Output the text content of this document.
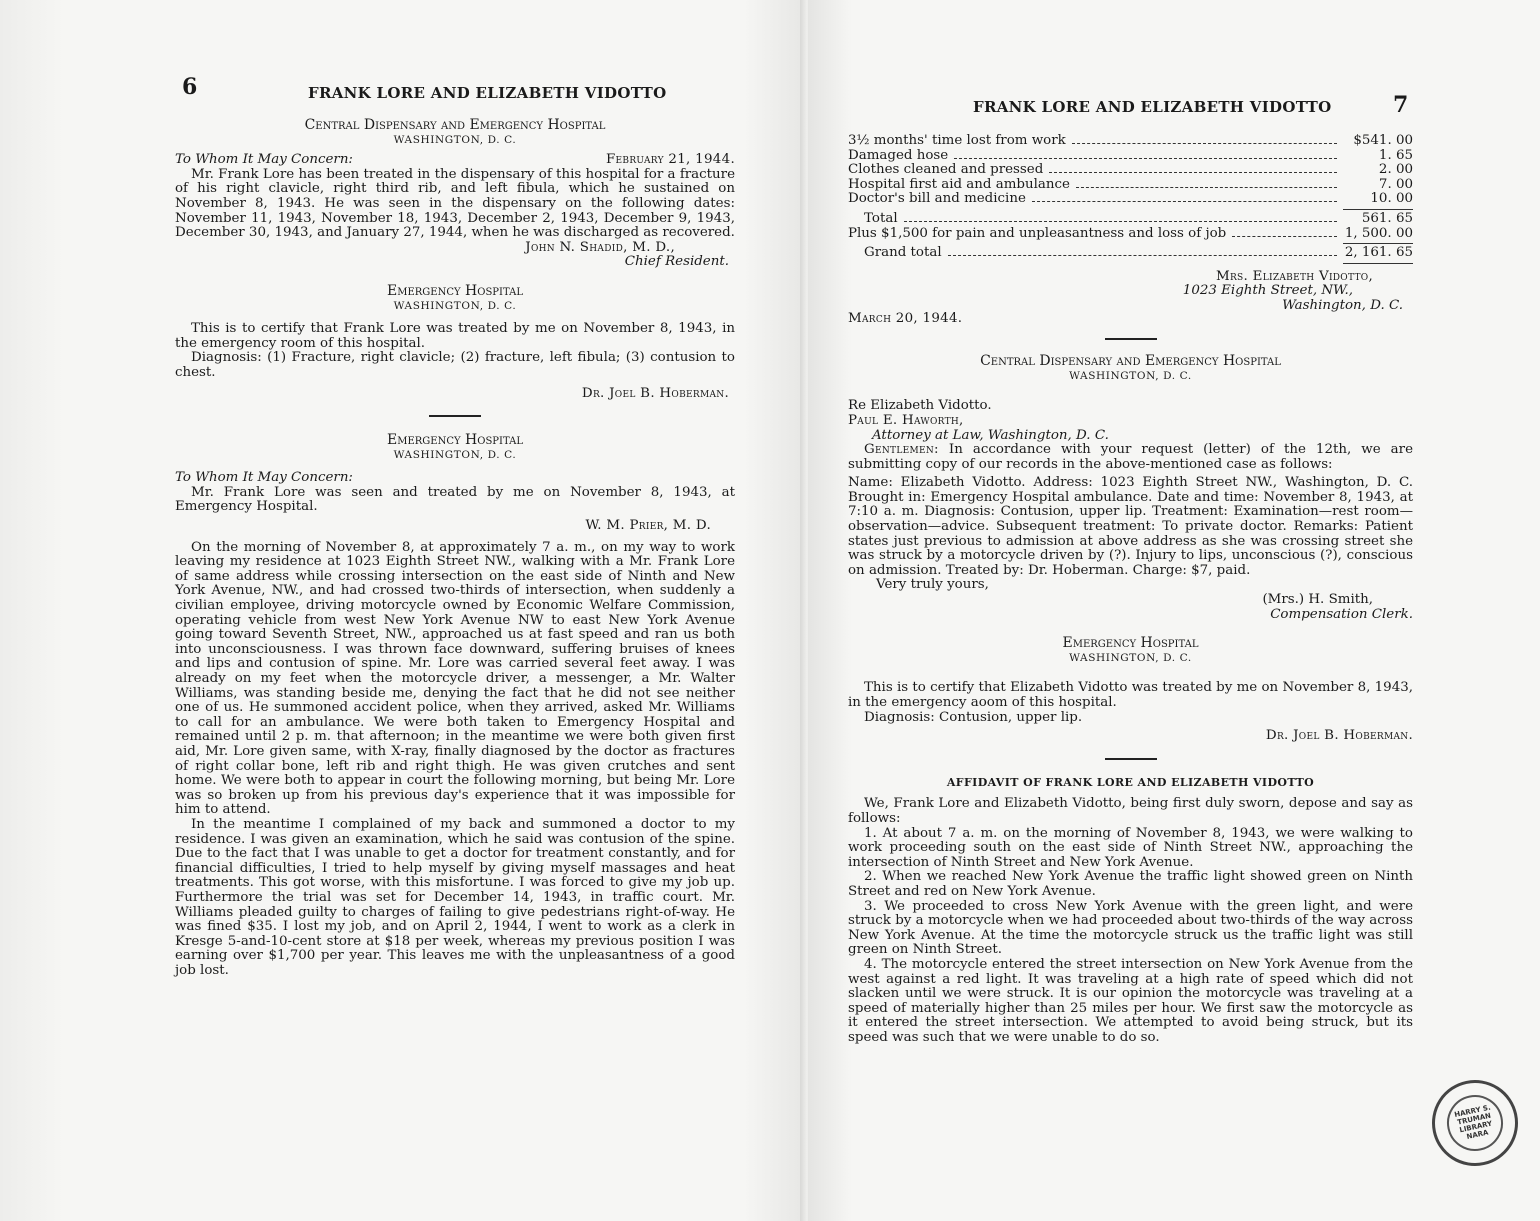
6	FRANK LORE AND ELIZABETH VIDOTTO
Central Dispensary and Emergency Hospital
WASHINGTON, D. C.
To Whom It May Concern:	February 21, 1944.

Mr. Frank Lore has been treated in the dispensary of this hospital for a fracture of his right clavicle, right third rib, and left fibula, which he sustained on November 8, 1943. He was seen in the dispensary on the following dates: November 11, 1943, November 18, 1943, December 2, 1943, December 9, 1943, December 30, 1943, and January 27, 1944, when he was discharged as recovered.

John N. Shadid, M. D.,
Chief Resident.
Emergency Hospital
WASHINGTON, D. C.

This is to certify that Frank Lore was treated by me on November 8, 1943, in the emergency room of this hospital.

Diagnosis: (1) Fracture, right clavicle; (2) fracture, left fibula; (3) contusion to chest.

Dr. Joel B. Hoberman.
Emergency Hospital
WASHINGTON, D. C.
To Whom It May Concern:

Mr. Frank Lore was seen and treated by me on November 8, 1943, at Emergency Hospital.

W. M. Prier, M. D.

On the morning of November 8, at approximately 7 a. m., on my way to work leaving my residence at 1023 Eighth Street NW., walking with a Mr. Frank Lore of same address while crossing intersection on the east side of Ninth and New York Avenue, NW., and had crossed two-thirds of intersection, when suddenly a civilian employee, driving motorcycle owned by Economic Welfare Commission, operating vehicle from west New York Avenue NW to east New York Avenue going toward Seventh Street, NW., approached us at fast speed and ran us both into unconsciousness. I was thrown face downward, suffering bruises of knees and lips and contusion of spine. Mr. Lore was carried several feet away. I was already on my feet when the motorcycle driver, a messenger, a Mr. Walter Williams, was standing beside me, denying the fact that he did not see neither one of us. He summoned accident police, when they arrived, asked Mr. Williams to call for an ambulance. We were both taken to Emergency Hospital and remained until 2 p. m. that afternoon; in the meantime we were both given first aid, Mr. Lore given same, with X-ray, finally diagnosed by the doctor as fractures of right collar bone, left rib and right thigh. He was given crutches and sent home. We were both to appear in court the following morning, but being Mr. Lore was so broken up from his previous day's experience that it was impossible for him to attend.

In the meantime I complained of my back and summoned a doctor to my residence. I was given an examination, which he said was contusion of the spine. Due to the fact that I was unable to get a doctor for treatment constantly, and for financial difficulties, I tried to help myself by giving myself massages and heat treatments. This got worse, with this misfortune. I was forced to give my job up. Furthermore the trial was set for December 14, 1943, in traffic court. Mr. Williams pleaded guilty to charges of failing to give pedestrians right-of-way. He was fined $35. I lost my job, and on April 2, 1944, I went to work as a clerk in Kresge 5-and-10-cent store at $18 per week, whereas my previous position I was earning over $1,700 per year. This leaves me with the unpleasantness of a good job lost.

FRANK LORE AND ELIZABETH VIDOTTO	7
3½ months' time lost from work	$541. 00
Damaged hose	1. 65
Clothes cleaned and pressed	2. 00
Hospital first aid and ambulance	7. 00
Doctor's bill and medicine	10. 00
Total	561. 65
Plus $1,500 for pain and unpleasantness and loss of job	1, 500. 00
Grand total	2, 161. 65
Mrs. Elizabeth Vidotto,
1023 Eighth Street, NW.,
Washington, D. C.
March 20, 1944.
Central Dispensary and Emergency Hospital
WASHINGTON, D. C.
Re Elizabeth Vidotto.
Paul E. Haworth,
Attorney at Law, Washington, D. C.

Gentlemen: In accordance with your request (letter) of the 12th, we are submitting copy of our records in the above-mentioned case as follows:

Name: Elizabeth Vidotto. Address: 1023 Eighth Street NW., Washington, D. C. Brought in: Emergency Hospital ambulance. Date and time: November 8, 1943, at 7:10 a. m. Diagnosis: Contusion, upper lip. Treatment: Examination—rest room—observation—advice. Subsequent treatment: To private doctor. Remarks: Patient states just previous to admission at above address as she was crossing street she was struck by a motorcycle driven by (?). Injury to lips, unconscious (?), conscious on admission. Treated by: Dr. Hoberman. Charge: $7, paid.

Very truly yours,
(Mrs.) H. Smith,
Compensation Clerk.
Emergency Hospital
WASHINGTON, D. C.

This is to certify that Elizabeth Vidotto was treated by me on November 8, 1943, in the emergency aoom of this hospital.

Diagnosis: Contusion, upper lip.

Dr. Joel B. Hoberman.
AFFIDAVIT OF FRANK LORE AND ELIZABETH VIDOTTO

We, Frank Lore and Elizabeth Vidotto, being first duly sworn, depose and say as follows:

1. At about 7 a. m. on the morning of November 8, 1943, we were walking to work proceeding south on the east side of Ninth Street NW., approaching the intersection of Ninth Street and New York Avenue.

2. When we reached New York Avenue the traffic light showed green on Ninth Street and red on New York Avenue.

3. We proceeded to cross New York Avenue with the green light, and were struck by a motorcycle when we had proceeded about two-thirds of the way across New York Avenue. At the time the motorcycle struck us the traffic light was still green on Ninth Street.

4. The motorcycle entered the street intersection on New York Avenue from the west against a red light. It was traveling at a high rate of speed which did not slacken until we were struck. It is our opinion the motorcycle was traveling at a speed of materially higher than 25 miles per hour. We first saw the motorcycle as it entered the street intersection. We attempted to avoid being struck, but its speed was such that we were unable to do so.

HARRY S. TRUMAN LIBRARY NARA
